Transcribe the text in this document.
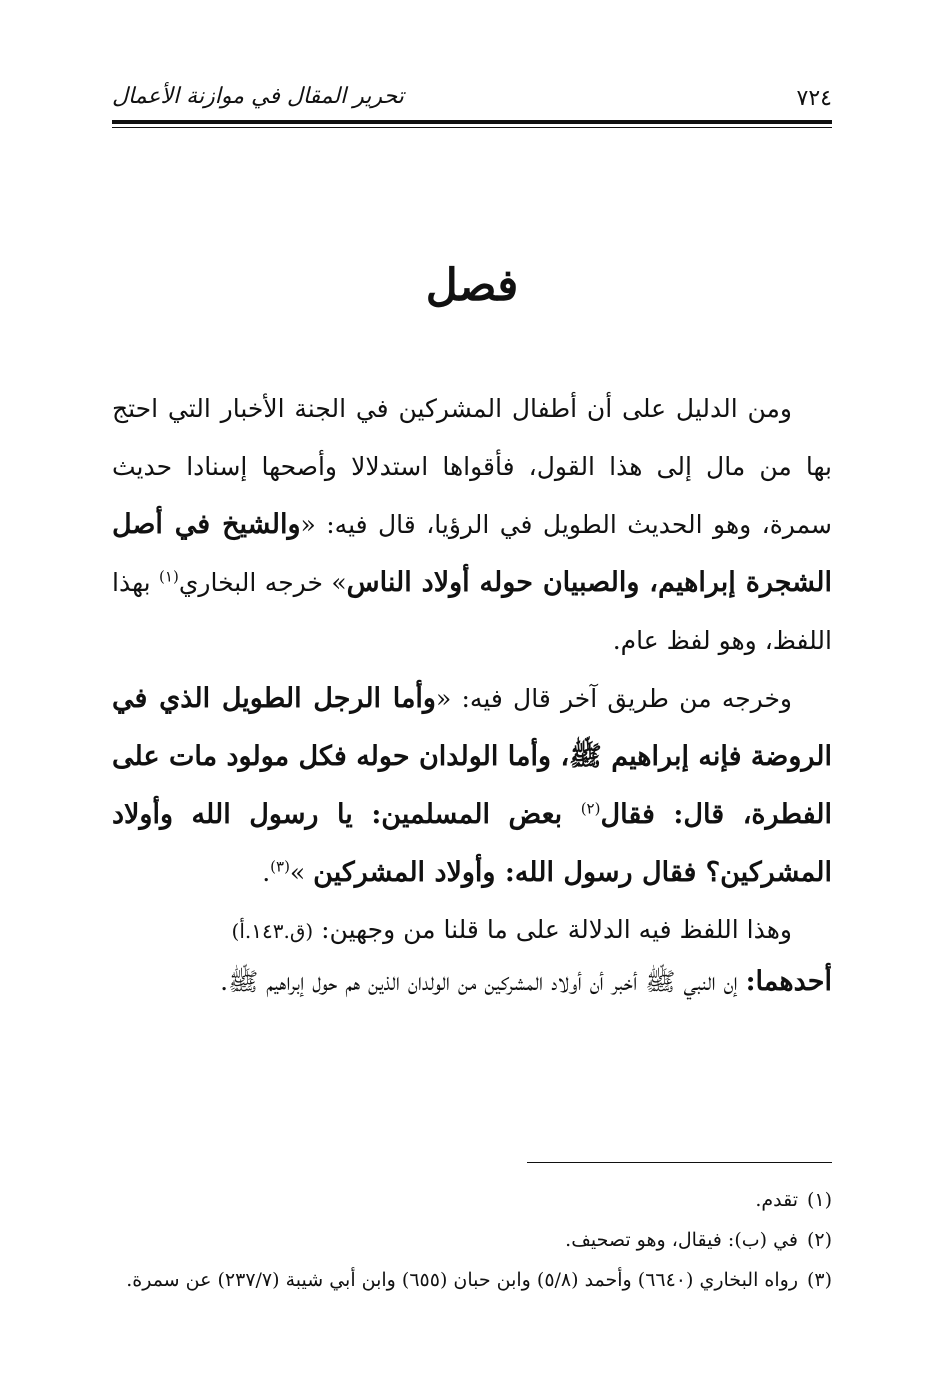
٧٢٤
تحرير المقال في موازنة الأعمال
فصل

ومن الدليل على أن أطفال المشركين في الجنة الأخبار التي احتج بها من مال إلى هذا القول، فأقواها استدلالا وأصحها إسنادا حديث سمرة، وهو الحديث الطويل في الرؤيا، قال فيه: «والشيخ في أصل الشجرة إبراهيم، والصبيان حوله أولاد الناس» خرجه البخاري$^{(١)}$ بهذا اللفظ، وهو لفظ عام.

وخرجه من طريق آخر قال فيه: «وأما الرجل الطويل الذي في الروضة فإنه إبراهيم ﷺ، وأما الولدان حوله فكل مولود مات على الفطرة، قال: فقال$^{(٢)}$ بعض المسلمين: يا رسول الله وأولاد المشركين؟ فقال رسول الله: وأولاد المشركين »$^{(٣)}$.

وهذا اللفظ فيه الدلالة على ما قلنا من وجهين: (ق.١٤٣.أ)

أحدهما: إن النبي ﷺ أخبر أن أولاد المشركين من الولدان الذين هم حول إبراهيم ﷺ.

(١)تقدم.

(٢)في (ب): فيقال، وهو تصحيف.

(٣)رواه البخاري (٦٦٤٠) وأحمد (٥/٨) وابن حبان (٦٥٥) وابن أبي شيبة (٢٣٧/٧) عن سمرة.
